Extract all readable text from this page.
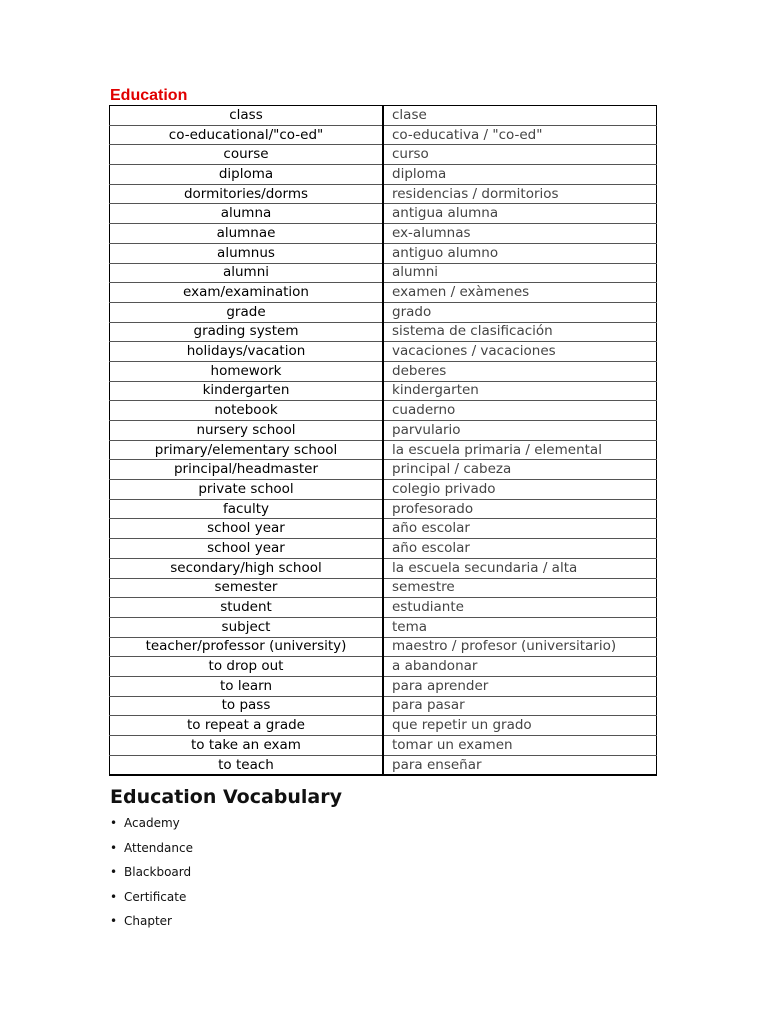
Education
class	clase
co-educational/"co-ed"	co-educativa / "co-ed"
course	curso
diploma	diploma
dormitories/dorms	residencias / dormitorios
alumna	antigua alumna
alumnae	ex-alumnas
alumnus	antiguo alumno
alumni	alumni
exam/examination	examen / exàmenes
grade	grado
grading system	sistema de clasificación
holidays/vacation	vacaciones / vacaciones
homework	deberes
kindergarten	kindergarten
notebook	cuaderno
nursery school	parvulario
primary/elementary school	la escuela primaria / elemental
principal/headmaster	principal / cabeza
private school	colegio privado
faculty	profesorado
school year	año escolar
school year	año escolar
secondary/high school	la escuela secundaria / alta
semester	semestre
student	estudiante
subject	tema
teacher/professor (university)	maestro / profesor (universitario)
to drop out	a abandonar
to learn	para aprender
to pass	para pasar
to repeat a grade	que repetir un grado
to take an exam	tomar un examen
to teach	para enseñar
Education Vocabulary
• Academy
• Attendance
• Blackboard
• Certificate
• Chapter
